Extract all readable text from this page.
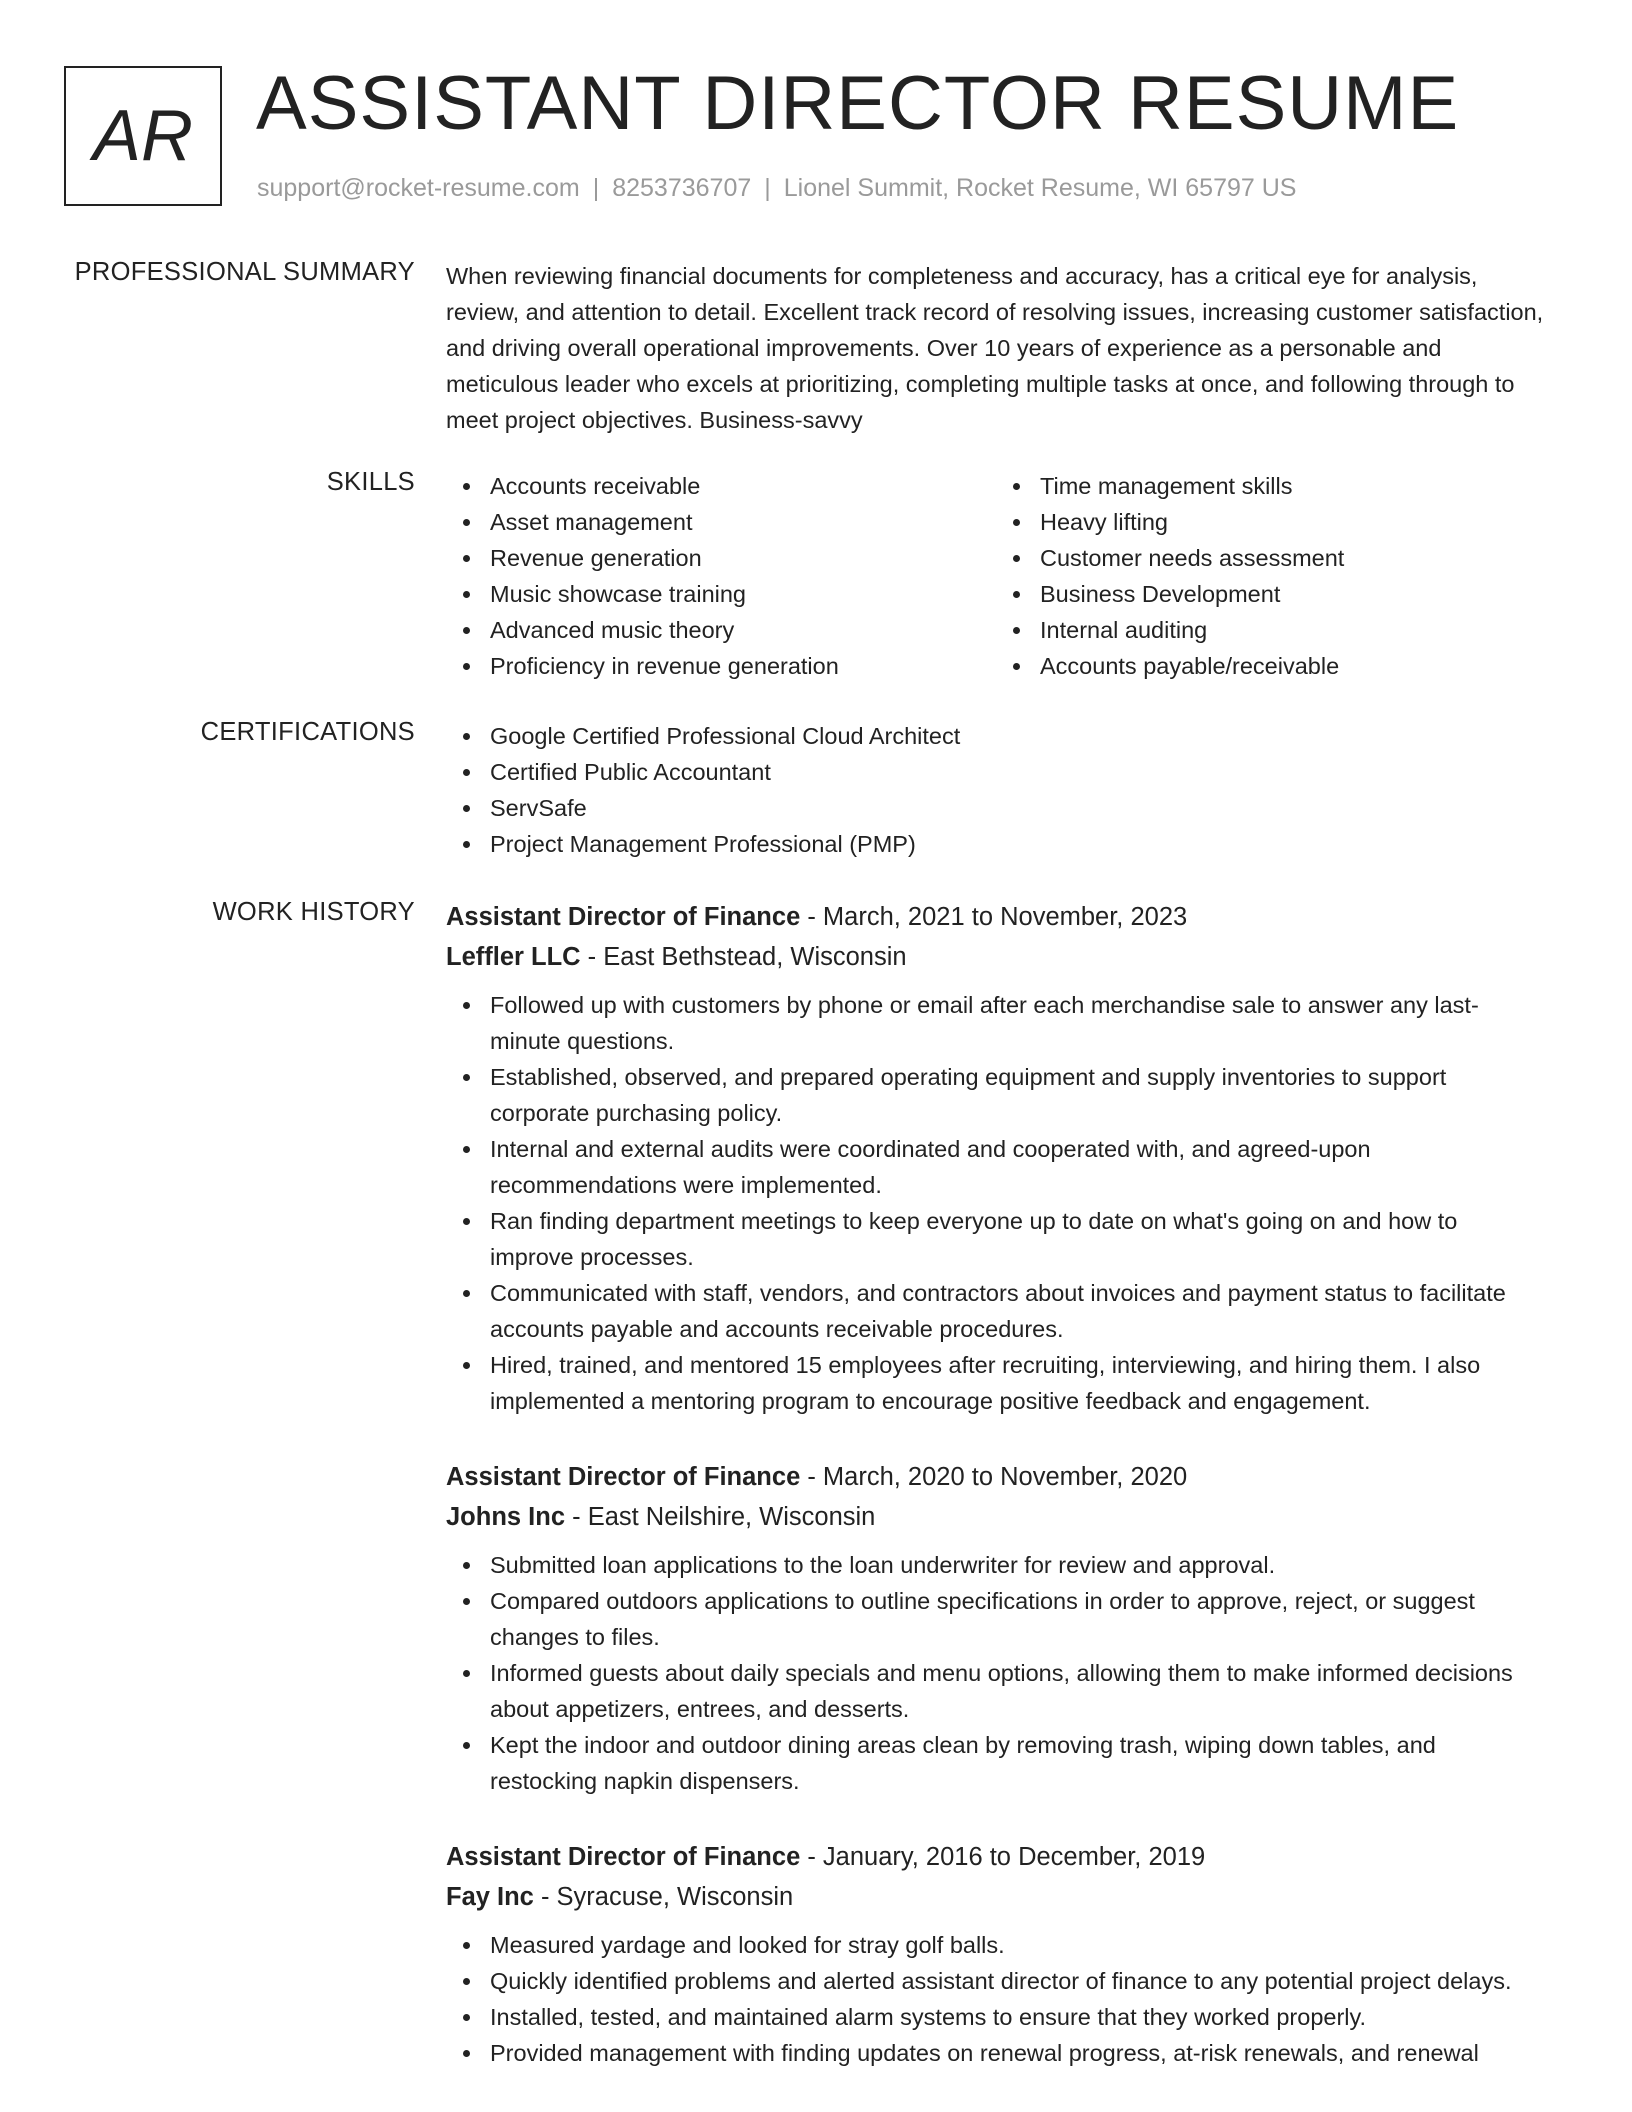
AR ASSISTANT DIRECTOR RESUME
support@rocket-resume.com | 8253736707 | Lionel Summit, Rocket Resume, WI 65797 US
PROFESSIONAL SUMMARY When reviewing financial documents for completeness and accuracy, has a critical eye for analysis, review, and attention to detail. Excellent track record of resolving issues, increasing customer satisfaction, and driving overall operational improvements. Over 10 years of experience as a personable and meticulous leader who excels at prioritizing, completing multiple tasks at once, and following through to meet project objectives. Business-savvy

SKILLS	Accounts receivable
Asset management
Revenue generation
Music showcase training
Advanced music theory
Proficiency in revenue generation
Time management skills
Heavy lifting
Customer needs assessment
Business Development
Internal auditing
Accounts payable/receivable
CERTIFICATIONS	Google Certified Professional Cloud Architect
Certified Public Accountant
ServSafe
Project Management Professional (PMP)
WORK HISTORY Assistant Director of Finance - March, 2021 to November, 2023
Leffler LLC - East Bethstead, Wisconsin
Followed up with customers by phone or email after each merchandise sale to answer any last-minute questions.
Established, observed, and prepared operating equipment and supply inventories to support corporate purchasing policy.
Internal and external audits were coordinated and cooperated with, and agreed-upon recommendations were implemented.
Ran finding department meetings to keep everyone up to date on what's going on and how to improve processes.
Communicated with staff, vendors, and contractors about invoices and payment status to facilitate accounts payable and accounts receivable procedures.
Hired, trained, and mentored 15 employees after recruiting, interviewing, and hiring them. I also implemented a mentoring program to encourage positive feedback and engagement.
Assistant Director of Finance - March, 2020 to November, 2020
Johns Inc - East Neilshire, Wisconsin
Submitted loan applications to the loan underwriter for review and approval.
Compared outdoors applications to outline specifications in order to approve, reject, or suggest changes to files.
Informed guests about daily specials and menu options, allowing them to make informed decisions about appetizers, entrees, and desserts.
Kept the indoor and outdoor dining areas clean by removing trash, wiping down tables, and restocking napkin dispensers.
Assistant Director of Finance - January, 2016 to December, 2019
Fay Inc - Syracuse, Wisconsin
Measured yardage and looked for stray golf balls.
Quickly identified problems and alerted assistant director of finance to any potential project delays.
Installed, tested, and maintained alarm systems to ensure that they worked properly.
Provided management with finding updates on renewal progress, at-risk renewals, and renewal
